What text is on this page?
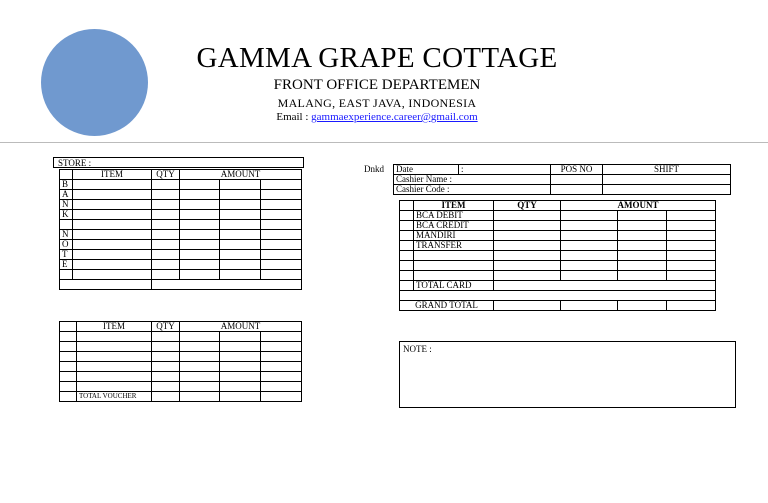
GAMMA GRAPE COTTAGE
FRONT OFFICE DEPARTEMEN
MALANG, EAST JAVA, INDONESIA
Email : gammaexperience.career@gmail.com
STORE :
	ITEM	QTY	AMOUNT		
B					
A					
N					
K					

N					
O					
T					
E					

	ITEM	QTY	AMOUNT		

	TOTAL VOUCHER				
Dnkd Date	:	POS NO	SHIFT
Cashier Name :			
Cashier Code :			
	ITEM	QTY	AMOUNT		
	BCA DEBIT				
	BCA CREDIT				
	MANDIRI				
	TRANSFER				

	TOTAL CARD				

GRAND TOTAL					
NOTE :
